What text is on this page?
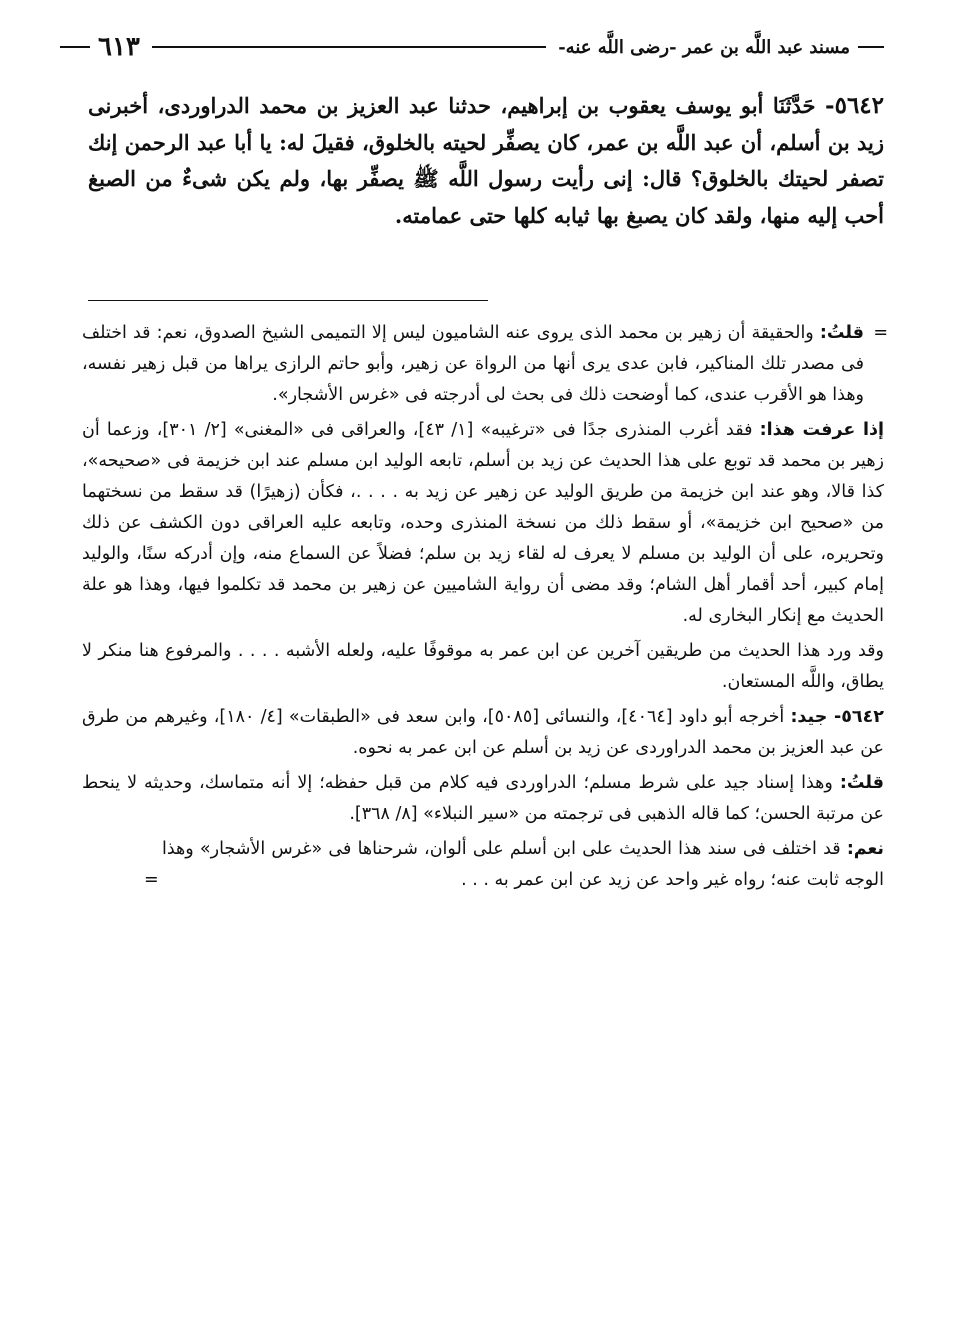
مسند عبد اللَّه بن عمر -رضى اللَّه عنه-
٦١٣
٥٦٤٢- حَدَّثَنَا أبو يوسف يعقوب بن إبراهيم، حدثنا عبد العزيز بن محمد الدراوردى، أخبرنى زيد بن أسلم، أن عبد اللَّه بن عمر، كان يصفِّر لحيته بالخلوق، فقيلَ له: يا أبا عبد الرحمن إنك تصفر لحيتك بالخلوق؟ قال: إنى رأيت رسول اللَّه ﷺ يصفِّر بها، ولم يكن شىءٌ من الصبغ أحب إليه منها، ولقد كان يصبغ بها ثيابه كلها حتى عمامته.

=
قلتُ: والحقيقة أن زهير بن محمد الذى يروى عنه الشاميون ليس إلا التميمى الشيخ الصدوق، نعم: قد اختلف فى مصدر تلك المناكير، فابن عدى يرى أنها من الرواة عن زهير، وأبو حاتم الرازى يراها من قبل زهير نفسه، وهذا هو الأقرب عندى، كما أوضحت ذلك فى بحث لى أدرجته فى «غرس الأشجار».

إذا عرفت هذا: فقد أغرب المنذرى جدًا فى «ترغيبه» [١/ ٤٣]، والعراقى فى «المغنى» [٢/ ٣٠١]، وزعما أن زهير بن محمد قد توبع على هذا الحديث عن زيد بن أسلم، تابعه الوليد ابن مسلم عند ابن خزيمة فى «صحيحه»، كذا قالا، وهو عند ابن خزيمة من طريق الوليد عن زهير عن زيد به . . . .، فكأن (زهيرًا) قد سقط من نسختهما من «صحيح ابن خزيمة»، أو سقط ذلك من نسخة المنذرى وحده، وتابعه عليه العراقى دون الكشف عن ذلك وتحريره، على أن الوليد بن مسلم لا يعرف له لقاء زيد بن سلم؛ فضلاً عن السماع منه، وإن أدركه سنًا، والوليد إمام كبير، أحد أقمار أهل الشام؛ وقد مضى أن رواية الشاميين عن زهير بن محمد قد تكلموا فيها، وهذا هو علة الحديث مع إنكار البخارى له.

وقد ورد هذا الحديث من طريقين آخرين عن ابن عمر به موقوفًا عليه، ولعله الأشبه . . . . والمرفوع هنا منكر لا يطاق، واللَّه المستعان.

٥٦٤٢- جيد: أخرجه أبو داود [٤٠٦٤]، والنسائى [٥٠٨٥]، وابن سعد فى «الطبقات» [٤/ ١٨٠]، وغيرهم من طرق عن عبد العزيز بن محمد الدراوردى عن زيد بن أسلم عن ابن عمر به نحوه.

قلتُ: وهذا إسناد جيد على شرط مسلم؛ الدراوردى فيه كلام من قبل حفظه؛ إلا أنه متماسك، وحديثه لا ينحط عن مرتبة الحسن؛ كما قاله الذهبى فى ترجمته من «سير النبلاء» [٨/ ٣٦٨].

نعم: قد اختلف فى سند هذا الحديث على ابن أسلم على ألوان، شرحناها فى «غرس الأشجار» وهذا الوجه ثابت عنه؛ رواه غير واحد عن زيد عن ابن عمر به . . .
=
